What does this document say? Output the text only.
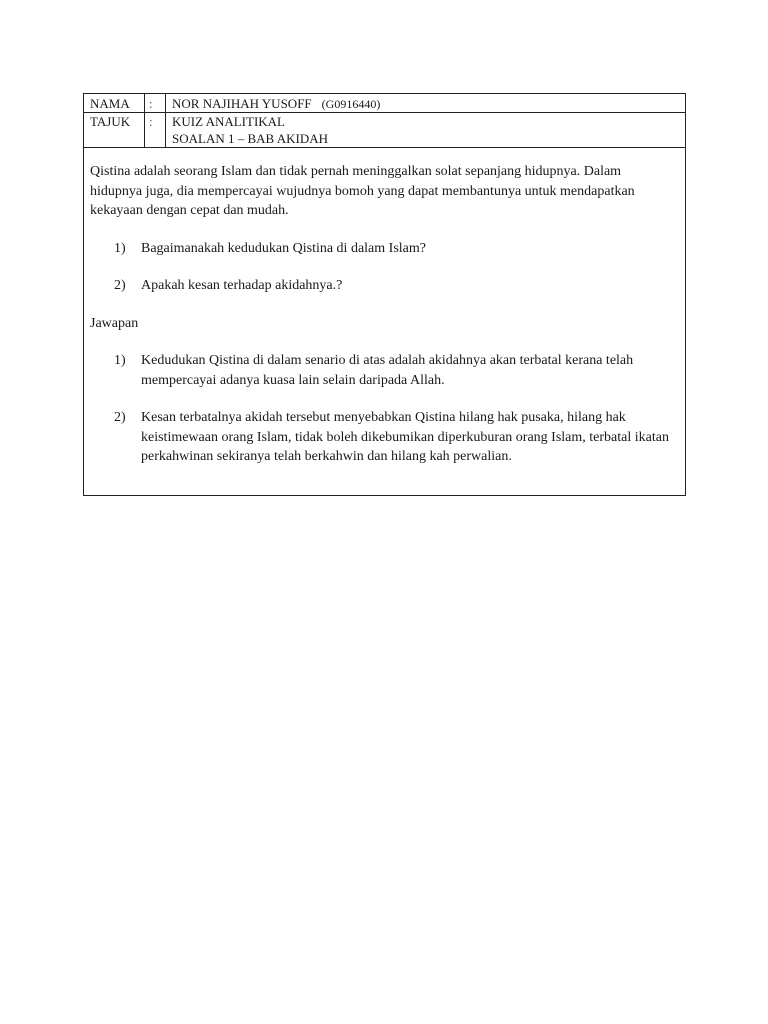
NAMA	:	NOR NAJIHAH YUSOFF (G0916440)
TAJUK	:	KUIZ ANALITIKAL
SOALAN 1 – BAB AKIDAH

Qistina adalah seorang Islam dan tidak pernah meninggalkan solat sepanjang hidupnya. Dalam hidupnya juga, dia mempercayai wujudnya bomoh yang dapat membantunya untuk mendapatkan kekayaan dengan cepat dan mudah.

1)	Bagaimanakah kedudukan Qistina di dalam Islam?
2)	Apakah kesan terhadap akidahnya.?

Jawapan

1)	Kedudukan Qistina di dalam senario di atas adalah akidahnya akan terbatal kerana telah mempercayai adanya kuasa lain selain daripada Allah.
2)	Kesan terbatalnya akidah tersebut menyebabkan Qistina hilang hak pusaka, hilang hak keistimewaan orang Islam, tidak boleh dikebumikan diperkuburan orang Islam, terbatal ikatan perkahwinan sekiranya telah berkahwin dan hilang kah perwalian.
